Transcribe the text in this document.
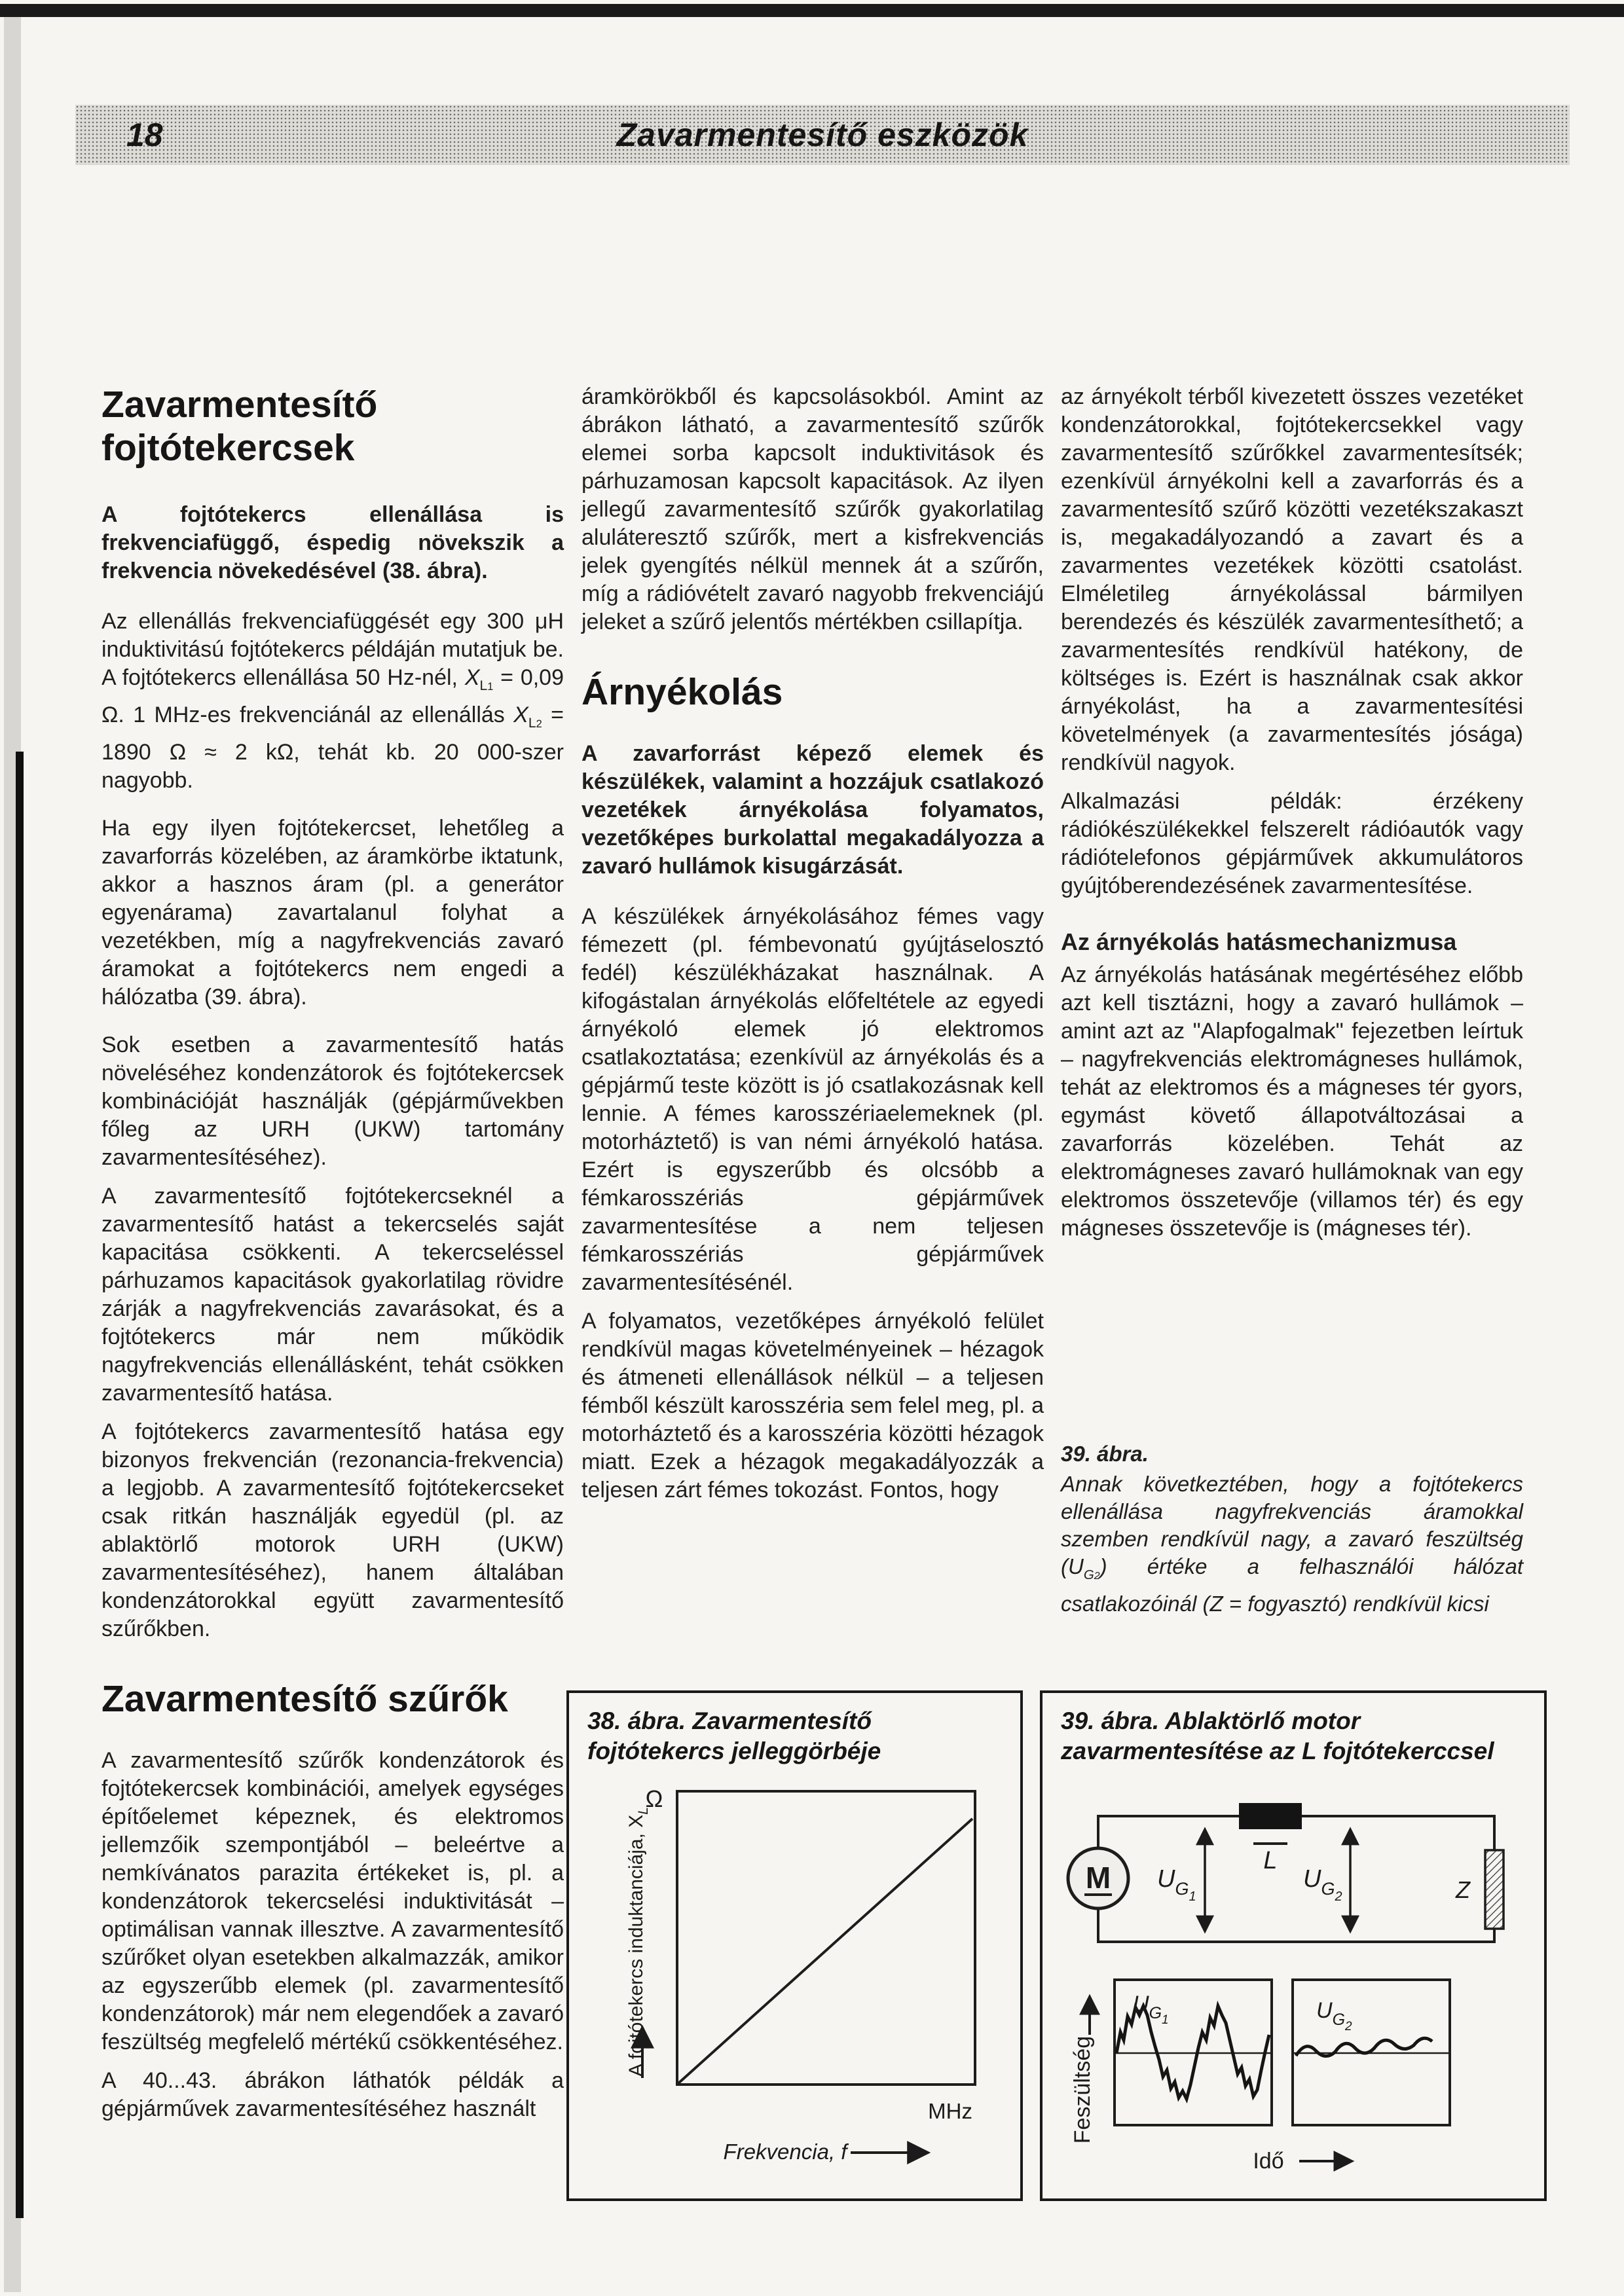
18	Zavarmentesítő eszközök
Zavarmentesítő fojtótekercsek

A fojtótekercs ellenállása is frekvenciafüggő, éspedig növekszik a frekvencia növekedésével (38. ábra).

Az ellenállás frekvenciafüggését egy 300 μH induktivitású fojtótekercs példáján mutatjuk be. A fojtótekercs ellenállása 50 Hz-nél, $X_{L1} = 0,09$ Ω. 1 MHz-es frekvenciánál az ellenállás $X_{L2} = 1890$ Ω ≈ 2 kΩ, tehát kb. 20 000-szer nagyobb.

Ha egy ilyen fojtótekercset, lehetőleg a zavarforrás közelében, az áramkörbe iktatunk, akkor a hasznos áram (pl. a generátor egyenárama) zavartalanul folyhat a vezetékben, míg a nagyfrekvenciás zavaró áramokat a fojtótekercs nem engedi a hálózatba (39. ábra).

Sok esetben a zavarmentesítő hatás növeléséhez kondenzátorok és fojtótekercsek kombinációját használják (gépjárművekben főleg az URH (UKW) tartomány zavarmentesítéséhez).

A zavarmentesítő fojtótekercseknél a zavarmentesítő hatást a tekercselés saját kapacitása csökkenti. A tekercseléssel párhuzamos kapacitások gyakorlatilag rövidre zárják a nagyfrekvenciás zavarásokat, és a fojtótekercs már nem működik nagyfrekvenciás ellenállásként, tehát csökken zavarmentesítő hatása.

A fojtótekercs zavarmentesítő hatása egy bizonyos frekvencián (rezonancia-frekvencia) a legjobb. A zavarmentesítő fojtótekercseket csak ritkán használják egyedül (pl. az ablaktörlő motorok URH (UKW) zavarmentesítéséhez), hanem általában kondenzátorokkal együtt zavarmentesítő szűrőkben.

Zavarmentesítő szűrők

A zavarmentesítő szűrők kondenzátorok és fojtótekercsek kombinációi, amelyek egységes építőelemet képeznek, és elektromos jellemzőik szempontjából – beleértve a nemkívánatos parazita értékeket is, pl. a kondenzátorok tekercselési induktivitását – optimálisan vannak illesztve. A zavarmentesítő szűrőket olyan esetekben alkalmazzák, amikor az egyszerűbb elemek (pl. zavarmentesítő kondenzátorok) már nem elegendőek a zavaró feszültség megfelelő mértékű csökkentéséhez.

A 40...43. ábrákon láthatók példák a gépjárművek zavarmentesítéséhez használt

áramkörökből és kapcsolásokból. Amint az ábrákon látható, a zavarmentesítő szűrők elemei sorba kapcsolt induktivitások és párhuzamosan kapcsolt kapacitások. Az ilyen jellegű zavarmentesítő szűrők gyakorlatilag aluláteresztő szűrők, mert a kisfrekvenciás jelek gyengítés nélkül mennek át a szűrőn, míg a rádióvételt zavaró nagyobb frekvenciájú jeleket a szűrő jelentős mértékben csillapítja.

Árnyékolás

A zavarforrást képező elemek és készülékek, valamint a hozzájuk csatlakozó vezetékek árnyékolása folyamatos, vezetőképes burkolattal megakadályozza a zavaró hullámok kisugárzását.

A készülékek árnyékolásához fémes vagy fémezett (pl. fémbevonatú gyújtáselosztó fedél) készülékházakat használnak. A kifogástalan árnyékolás előfeltétele az egyedi árnyékoló elemek jó elektromos csatlakoztatása; ezenkívül az árnyékolás és a gépjármű teste között is jó csatlakozásnak kell lennie. A fémes karosszériaelemeknek (pl. motorháztető) is van némi árnyékoló hatása. Ezért is egyszerűbb és olcsóbb a fémkarosszériás gépjárművek zavarmentesítése a nem teljesen fémkarosszériás gépjárművek zavarmentesítésénél.

A folyamatos, vezetőképes árnyékoló felület rendkívül magas követelményeinek – hézagok és átmeneti ellenállások nélkül – a teljesen fémből készült karosszéria sem felel meg, pl. a motorháztető és a karosszéria közötti hézagok miatt. Ezek a hézagok megakadályozzák a teljesen zárt fémes tokozást. Fontos, hogy

az árnyékolt térből kivezetett összes vezetéket kondenzátorokkal, fojtótekercsekkel vagy zavarmentesítő szűrőkkel zavarmentesítsék; ezenkívül árnyékolni kell a zavarforrás és a zavarmentesítő szűrő közötti vezetékszakaszt is, megakadályozandó a zavart és a zavarmentes vezetékek közötti csatolást. Elméletileg árnyékolással bármilyen berendezés és készülék zavarmentesíthető; a zavarmentesítés rendkívül hatékony, de költséges is. Ezért is használnak csak akkor árnyékolást, ha a zavarmentesítési követelmények (a zavarmentesítés jósága) rendkívül nagyok.

Alkalmazási példák: érzékeny rádiókészülékekkel felszerelt rádióautók vagy rádiótelefonos gépjárművek akkumulátoros gyújtóberendezésének zavarmentesítése.

Az árnyékolás hatásmechanizmusa

Az árnyékolás hatásának megértéséhez előbb azt kell tisztázni, hogy a zavaró hullámok – amint azt az "Alapfogalmak" fejezetben leírtuk – nagyfrekvenciás elektromágneses hullámok, tehát az elektromos és a mágneses tér gyors, egymást követő állapotváltozásai a zavarforrás közelében. Tehát az elektromágneses zavaró hullámoknak van egy elektromos összetevője (villamos tér) és egy mágneses összetevője is (mágneses tér).

39. ábra.
Annak következtében, hogy a fojtótekercs ellenállása nagyfrekvenciás áramokkal szemben rendkívül nagy, a zavaró feszültség $(U_{G2})$ értéke a felhasználói hálózat csatlakozóinál (Z = fogyasztó) rendkívül kicsi
38. ábra. Zavarmentesítő fojtótekercs jelleggörbéje
Ω
A fojtótekercs induktanciája, $X_L$
MHz
Frekvencia, f
39. ábra. Ablaktörlő motor zavarmentesítése az L fojtótekerccsel
L
M	Z
$U_{G1}$
$U_{G2}$
$U_{G1}$	$U_{G2}$
Feszültség
Idő
